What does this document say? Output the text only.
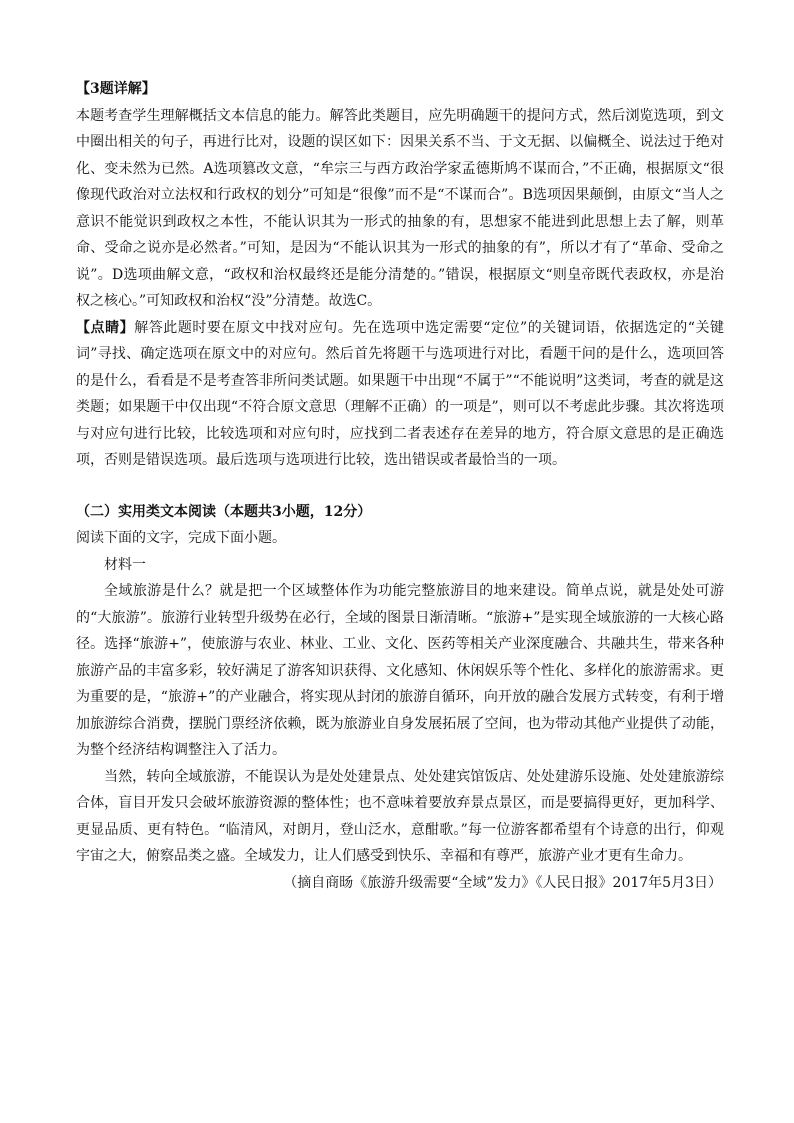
【3题详解】

本题考查学生理解概括文本信息的能力。解答此类题目，应先明确题干的提问方式，然后浏览选项，到文中圈出相关的句子，再进行比对，设题的误区如下：因果关系不当、于文无据、以偏概全、说法过于绝对化、变未然为已然。A选项篡改文意，“牟宗三与西方政治学家孟德斯鸠不谋而合，”不正确，根据原文“很像现代政治对立法权和行政权的划分”可知是“很像”而不是“不谋而合”。B选项因果颠倒，由原文“当人之意识不能觉识到政权之本性，不能认识其为一形式的抽象的有，思想家不能进到此思想上去了解，则革命、受命之说亦是必然者。”可知，是因为“不能认识其为一形式的抽象的有”，所以才有了“革命、受命之说”。D选项曲解文意，“政权和治权最终还是能分清楚的。”错误，根据原文“则皇帝既代表政权，亦是治权之核心。”可知政权和治权“没”分清楚。故选C。

【点睛】解答此题时要在原文中找对应句。先在选项中选定需要“定位”的关键词语，依据选定的“关键词”寻找、确定选项在原文中的对应句。然后首先将题干与选项进行对比，看题干问的是什么，选项回答的是什么，看看是不是考查答非所问类试题。如果题干中出现“不属于”“不能说明”这类词，考查的就是这类题；如果题干中仅出现“不符合原文意思（理解不正确）的一项是”，则可以不考虑此步骤。其次将选项与对应句进行比较，比较选项和对应句时，应找到二者表述存在差异的地方，符合原文意思的是正确选项，否则是错误选项。最后选项与选项进行比较，选出错误或者最恰当的一项。

（二）实用类文本阅读（本题共3小题，12分）

阅读下面的文字，完成下面小题。

材料一

全域旅游是什么？就是把一个区域整体作为功能完整旅游目的地来建设。简单点说，就是处处可游的“大旅游”。旅游行业转型升级势在必行，全域的图景日渐清晰。“旅游+”是实现全域旅游的一大核心路径。选择“旅游+”，使旅游与农业、林业、工业、文化、医药等相关产业深度融合、共融共生，带来各种旅游产品的丰富多彩，较好满足了游客知识获得、文化感知、休闲娱乐等个性化、多样化的旅游需求。更为重要的是，“旅游+”的产业融合，将实现从封闭的旅游自循环，向开放的融合发展方式转变，有利于增加旅游综合消费，摆脱门票经济依赖，既为旅游业自身发展拓展了空间，也为带动其他产业提供了动能，为整个经济结构调整注入了活力。

当然，转向全域旅游，不能误认为是处处建景点、处处建宾馆饭店、处处建游乐设施、处处建旅游综合体，盲目开发只会破坏旅游资源的整体性；也不意味着要放弃景点景区，而是要搞得更好，更加科学、更显品质、更有特色。“临清风，对朗月，登山泛水，意酣歌。”每一位游客都希望有个诗意的出行，仰观宇宙之大，俯察品类之盛。全域发力，让人们感受到快乐、幸福和有尊严，旅游产业才更有生命力。

（摘自商旸《旅游升级需要“全域”发力》《人民日报》2017年5月3日）
